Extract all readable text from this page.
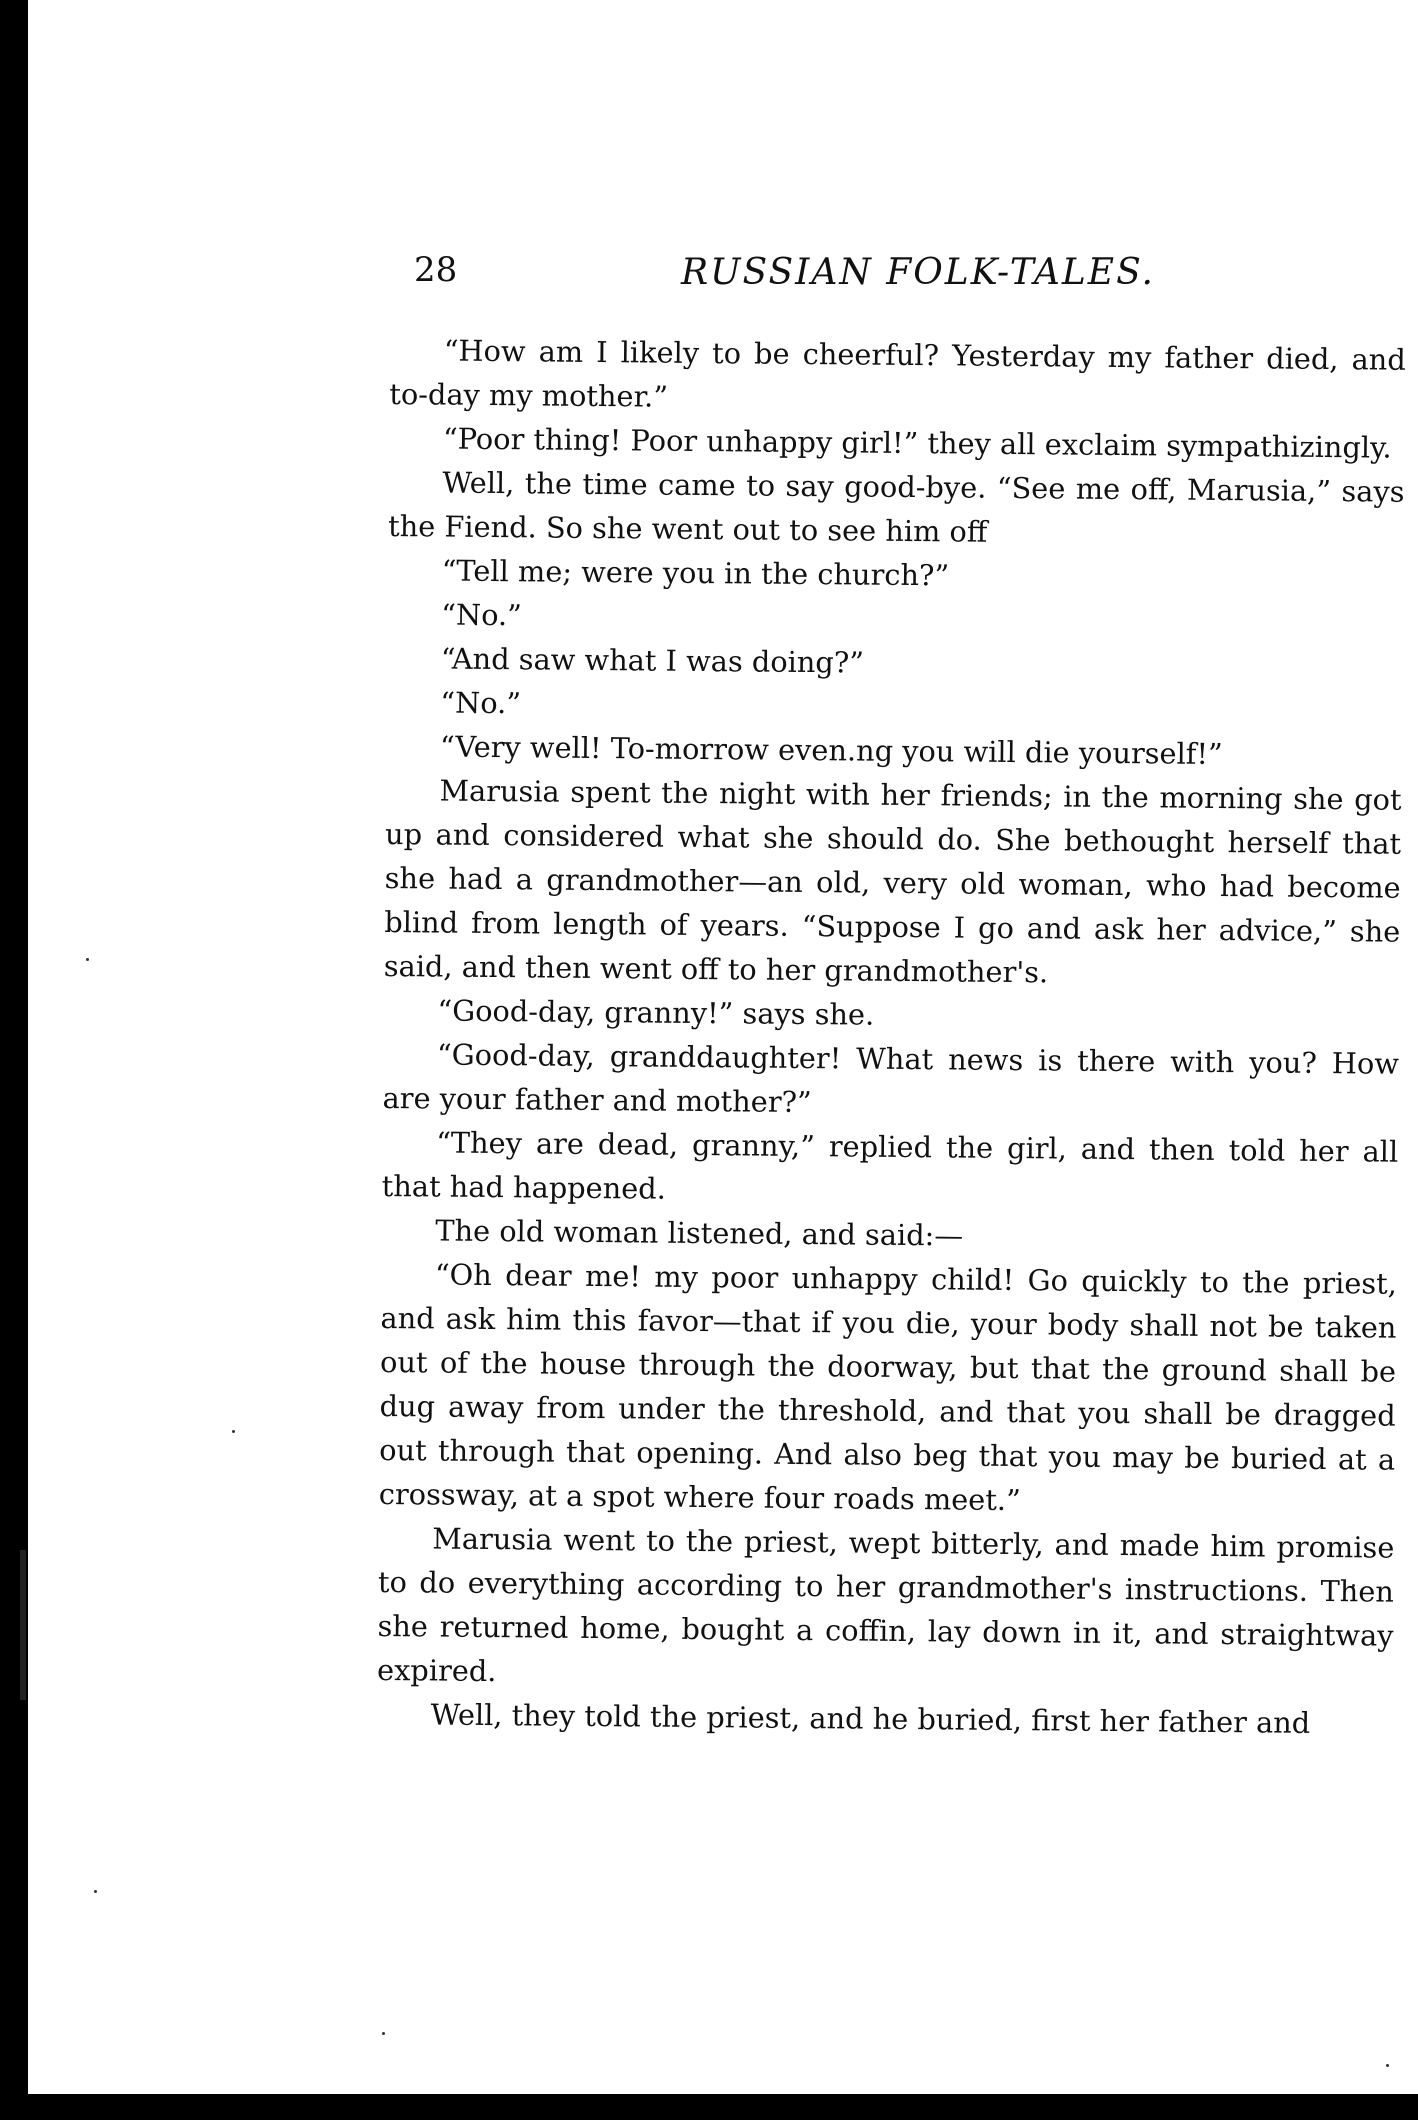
28	RUSSIAN FOLK-TALES.

“How am I likely to be cheerful? Yesterday my father died, and to-day my mother.”

“Poor thing! Poor unhappy girl!” they all exclaim sympathizingly.

Well, the time came to say good-bye. “See me off, Marusia,” says the Fiend. So she went out to see him off

“Tell me; were you in the church?”

“No.”

“And saw what I was doing?”

“No.”

“Very well! To-morrow even.ng you will die yourself!”

Marusia spent the night with her friends; in the morning she got up and considered what she should do. She bethought herself that she had a grandmother—an old, very old woman, who had become blind from length of years. “Suppose I go and ask her advice,” she said, and then went off to her grandmother's.

“Good-day, granny!” says she.

“Good-day, granddaughter! What news is there with you? How are your father and mother?”

“They are dead, granny,” replied the girl, and then told her all that had happened.

The old woman listened, and said:—

“Oh dear me! my poor unhappy child! Go quickly to the priest, and ask him this favor—that if you die, your body shall not be taken out of the house through the doorway, but that the ground shall be dug away from under the threshold, and that you shall be dragged out through that opening. And also beg that you may be buried at a crossway, at a spot where four roads meet.”

Marusia went to the priest, wept bitterly, and made him promise to do everything according to her grandmother's instructions. Then she returned home, bought a coffin, lay down in it, and straightway expired.

Well, they told the priest, and he buried, first her father and
